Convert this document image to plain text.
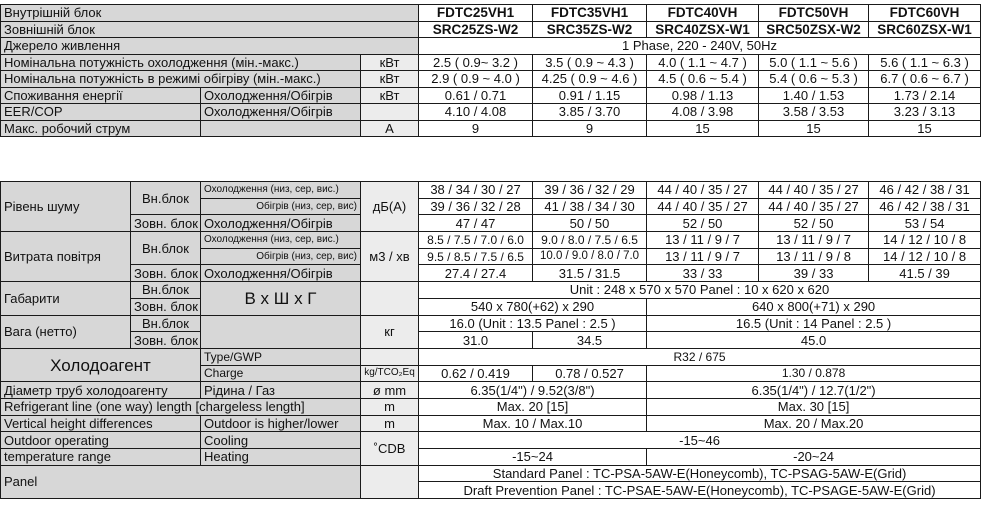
Внутрішній блок			FDTC25VH1	FDTC35VH1	FDTC40VH	FDTC50VH	FDTC60VH
Зовнішній блок			SRC25ZS-W2	SRC35ZS-W2	SRC40ZSX-W1	SRC50ZSX-W2	SRC60ZSX-W1
Джерело живлення			1 Phase, 220 - 240V, 50Hz				
Номінальна потужність охолодження (мін.-макс.)		кВт	2.5 ( 0.9~ 3.2 )	3.5 ( 0.9 ~ 4.3 )	4.0 ( 1.1 ~ 4.7 )	5.0 ( 1.1 ~ 5.6 )	5.6 ( 1.1 ~ 6.3 )
Номінальна потужність в режимі обігріву (мін.-макс.)		кВт	2.9 ( 0.9 ~ 4.0 )	4.25 ( 0.9 ~ 4.6 )	4.5 ( 0.6 ~ 5.4 )	5.4 ( 0.6 ~ 5.3 )	6.7 ( 0.6 ~ 6.7 )
Споживання енергії	Охолодження/Обігрів	кВт	0.61 / 0.71	0.91 / 1.15	0.98 / 1.13	1.40 / 1.53	1.73 / 2.14
EER/COP	Охолодження/Обігрів		4.10 / 4.08	3.85 / 3.70	4.08 / 3.98	3.58 / 3.53	3.23 / 3.13
Макс. робочий струм		A	9	9	15	15	15
Рівень шуму	Вн.блок	Охолодження (низ, сер, вис.)	дБ(А)	38 / 34 / 30 / 27	39 / 36 / 32 / 29	44 / 40 / 35 / 27	44 / 40 / 35 / 27	46 / 42 / 38 / 31
		Обігрів (низ, сер, вис)		39 / 36 / 32 / 28	41 / 38 / 34 / 30	44 / 40 / 35 / 27	44 / 40 / 35 / 27	46 / 42 / 38 / 31
	Зовн. блок	Охолодження/Обігрів		47 / 47	50 / 50	52 / 50	52 / 50	53 / 54
Витрата повітря	Вн.блок	Охолодження (низ, сер, вис.)	м3 / хв	8.5 / 7.5 / 7.0 / 6.0	9.0 / 8.0 / 7.5 / 6.5	13 / 11 / 9 / 7	13 / 11 / 9 / 7	14 / 12 / 10 / 8
		Обігрів (низ, сер, вис)		9.5 / 8.5 / 7.5 / 6.5	10.0 / 9.0 / 8.0 / 7.0	13 / 11 / 9 / 7	13 / 11 / 9 / 8	14 / 12 / 10 / 8
	Зовн. блок	Охолодження/Обігрів		27.4 / 27.4	31.5 / 31.5	33 / 33	39 / 33	41.5 / 39
Габарити	Вн.блок	В х Ш х Г		Unit : 248 x 570 x 570 Panel : 10 x 620 x 620				
	Зовн. блок			540 x 780(+62) x 290		640 x 800(+71) x 290		
Вага (нетто)	Вн.блок		кг	16.0 (Unit : 13.5 Panel : 2.5 )		16.5 (Unit : 14 Panel : 2.5 )		
	Зовн. блок			31.0	34.5	45.0		
Холодоагент		Type/GWP		R32 / 675				
		Charge	kg/TCO₂Eq	0.62 / 0.419	0.78 / 0.527	1.30 / 0.878		
Діаметр труб холодоагенту		Рідина / Газ	ø mm	6.35(1/4") / 9.52(3/8")		6.35(1/4") / 12.7(1/2")		
Refrigerant line (one way) length [chargeless length]			m	Max. 20 [15]		Max. 30 [15]		
Vertical height differences		Outdoor is higher/lower	m	Max. 10 / Max.10		Max. 20 / Max.20		
Outdoor operating		Cooling	˚CDB	-15~46				
temperature range		Heating		-15~24		-20~24		
Panel				Standard Panel : TC-PSA-5AW-E(Honeycomb), TC-PSAG-5AW-E(Grid)				
				Draft Prevention Panel : TC-PSAE-5AW-E(Honeycomb), TC-PSAGE-5AW-E(Grid)				
